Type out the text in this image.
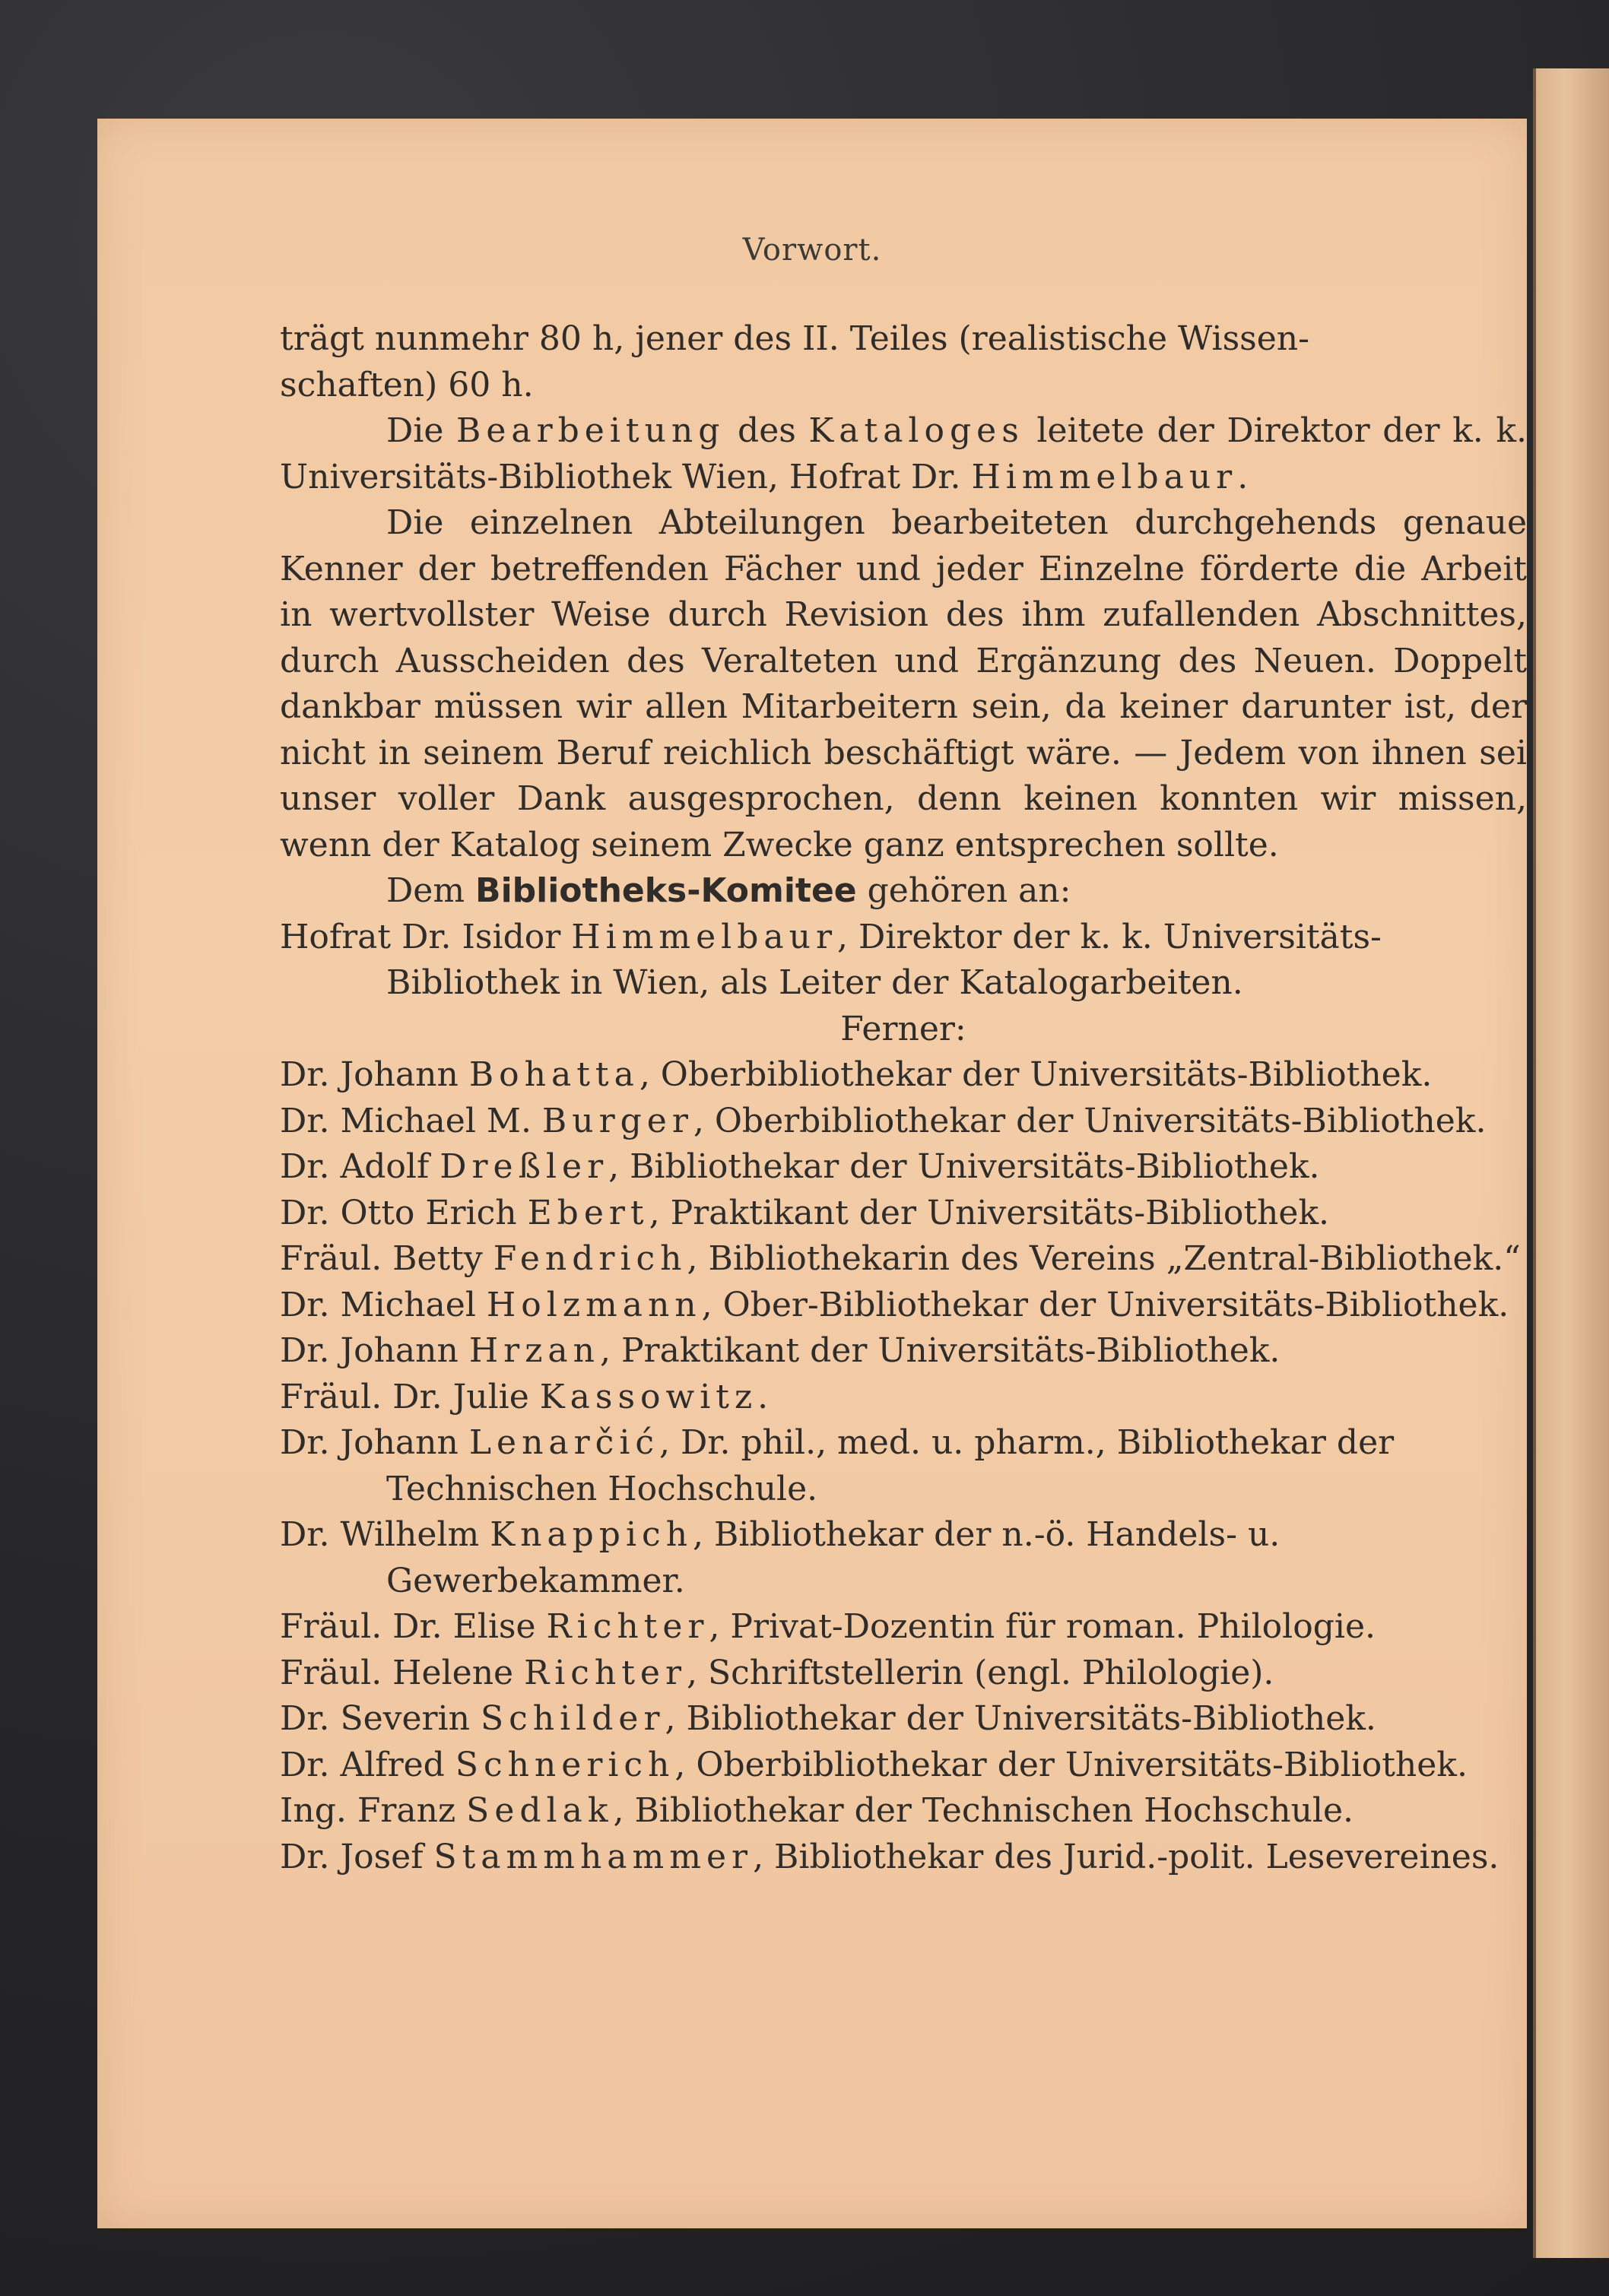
Vorwort.

trägt nunmehr 80 h, jener des II. Teiles (realistische Wissen-
schaften) 60 h.

Die Bearbeitung des Kataloges leitete der Direktor der k. k. Universitäts-Bibliothek Wien, Hofrat Dr. Himmelbaur.

Die einzelnen Abteilungen bearbeiteten durchgehends genaue Kenner der betreffenden Fächer und jeder Einzelne förderte die Arbeit in wertvollster Weise durch Revision des ihm zufallenden Abschnittes, durch Ausscheiden des Veralteten und Ergänzung des Neuen. Doppelt dankbar müssen wir allen Mitarbeitern sein, da keiner darunter ist, der nicht in seinem Beruf reichlich beschäftigt wäre. — Jedem von ihnen sei unser voller Dank ausgesprochen, denn keinen konnten wir missen, wenn der Katalog seinem Zwecke ganz entsprechen sollte.

Dem Bibliotheks-Komitee gehören an:

Hofrat Dr. Isidor Himmelbaur, Direktor der k. k. Universitäts-Bibliothek in Wien, als Leiter der Katalogarbeiten.

Ferner:

Dr. Johann Bohatta, Oberbibliothekar der Universitäts-Bibliothek.

Dr. Michael M. Burger, Oberbibliothekar der Universitäts-Bibliothek.

Dr. Adolf Dreßler, Bibliothekar der Universitäts-Bibliothek.

Dr. Otto Erich Ebert, Praktikant der Universitäts-Bibliothek.

Fräul. Betty Fendrich, Bibliothekarin des Vereins „Zentral-Bibliothek.“

Dr. Michael Holzmann, Ober-Bibliothekar der Universitäts-Bibliothek.

Dr. Johann Hrzan, Praktikant der Universitäts-Bibliothek.

Fräul. Dr. Julie Kassowitz.

Dr. Johann Lenarčić, Dr. phil., med. u. pharm., Bibliothekar der Technischen Hochschule.

Dr. Wilhelm Knappich, Bibliothekar der n.-ö. Handels- u. Gewerbekammer.

Fräul. Dr. Elise Richter, Privat-Dozentin für roman. Philologie.

Fräul. Helene Richter, Schriftstellerin (engl. Philologie).

Dr. Severin Schilder, Bibliothekar der Universitäts-Bibliothek.

Dr. Alfred Schnerich, Oberbibliothekar der Universitäts-Bibliothek.

Ing. Franz Sedlak, Bibliothekar der Technischen Hochschule.

Dr. Josef Stammhammer, Bibliothekar des Jurid.-polit. Lesevereines.
